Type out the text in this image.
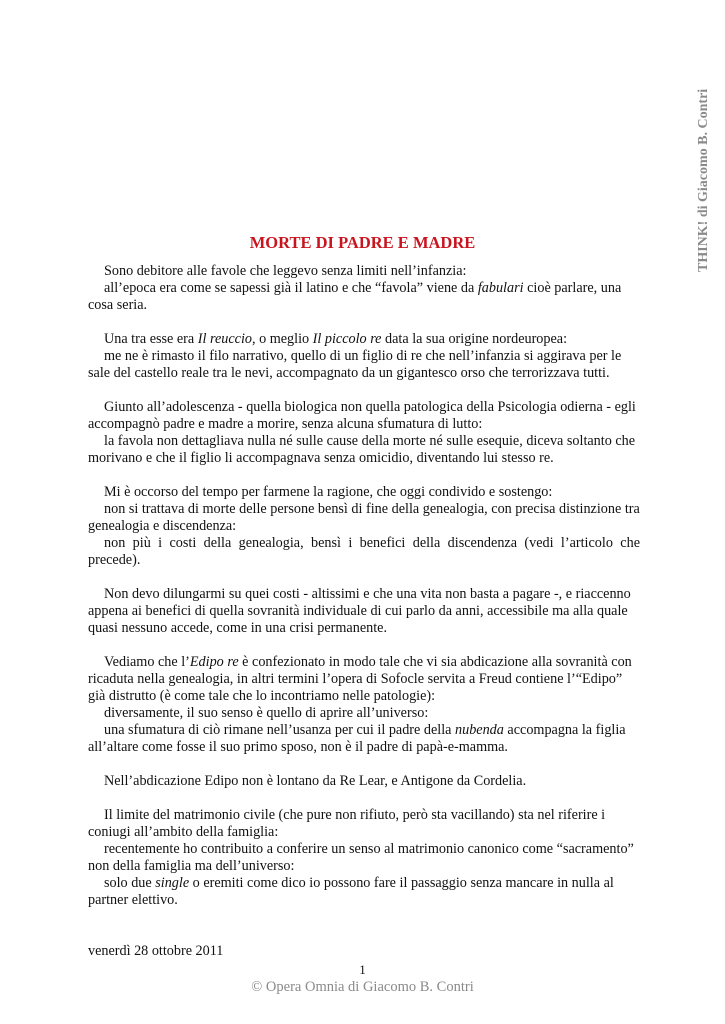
THINK! di Giacomo B. Contri
MORTE DI PADRE E MADRE
Sono debitore alle favole che leggevo senza limiti nell’infanzia:
all’epoca era come se sapessi già il latino e che “favola” viene da fabulari cioè parlare, una cosa seria.
Una tra esse era Il reuccio, o meglio Il piccolo re data la sua origine nordeuropea:
me ne è rimasto il filo narrativo, quello di un figlio di re che nell’infanzia si aggirava per le sale del castello reale tra le nevi, accompagnato da un gigantesco orso che terrorizzava tutti.
Giunto all’adolescenza - quella biologica non quella patologica della Psicologia odierna - egli accompagnò padre e madre a morire, senza alcuna sfumatura di lutto:
la favola non dettagliava nulla né sulle cause della morte né sulle esequie, diceva soltanto che morivano e che il figlio li accompagnava senza omicidio, diventando lui stesso re.
Mi è occorso del tempo per farmene la ragione, che oggi condivido e sostengo:
non si trattava di morte delle persone bensì di fine della genealogia, con precisa distinzione tra genealogia e discendenza:
non più i costi della genealogia, bensì i benefici della discendenza (vedi l’articolo che precede).
Non devo dilungarmi su quei costi - altissimi e che una vita non basta a pagare -, e riaccenno appena ai benefici di quella sovranità individuale di cui parlo da anni, accessibile ma alla quale quasi nessuno accede, come in una crisi permanente.
Vediamo che l’Edipo re è confezionato in modo tale che vi sia abdicazione alla sovranità con ricaduta nella genealogia, in altri termini l’opera di Sofocle servita a Freud contiene l’“Edipo” già distrutto (è come tale che lo incontriamo nelle patologie):
diversamente, il suo senso è quello di aprire all’universo:
una sfumatura di ciò rimane nell’usanza per cui il padre della nubenda accompagna la figlia all’altare come fosse il suo primo sposo, non è il padre di papà-e-mamma.
Nell’abdicazione Edipo non è lontano da Re Lear, e Antigone da Cordelia.
Il limite del matrimonio civile (che pure non rifiuto, però sta vacillando) sta nel riferire i coniugi all’ambito della famiglia:
recentemente ho contribuito a conferire un senso al matrimonio canonico come “sacramento” non della famiglia ma dell’universo:
solo due single o eremiti come dico io possono fare il passaggio senza mancare in nulla al partner elettivo.
venerdì 28 ottobre 2011
1
© Opera Omnia di Giacomo B. Contri
